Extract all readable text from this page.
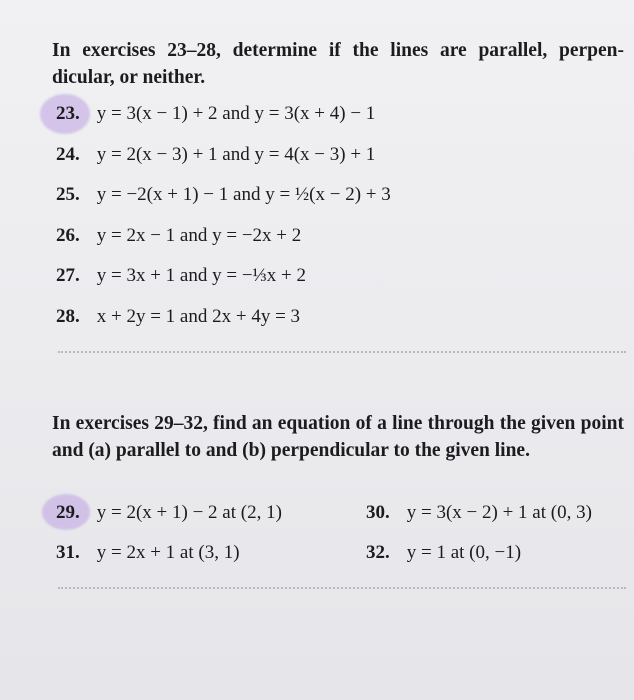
In exercises 23–28, determine if the lines are parallel, perpen-dicular, or neither.

23. y = 3(x − 1) + 2 and y = 3(x + 4) − 1
24. y = 2(x − 3) + 1 and y = 4(x − 3) + 1
25. y = −2(x + 1) − 1 and y = ½(x − 2) + 3
26. y = 2x − 1 and y = −2x + 2
27. y = 3x + 1 and y = −⅓x + 2
28. x + 2y = 1 and 2x + 4y = 3

In exercises 29–32, find an equation of a line through the given point and (a) parallel to and (b) perpendicular to the given line.

29. y = 2(x + 1) − 2 at (2, 1)	30. y = 3(x − 2) + 1 at (0, 3)
31. y = 2x + 1 at (3, 1)	32. y = 1 at (0, −1)
